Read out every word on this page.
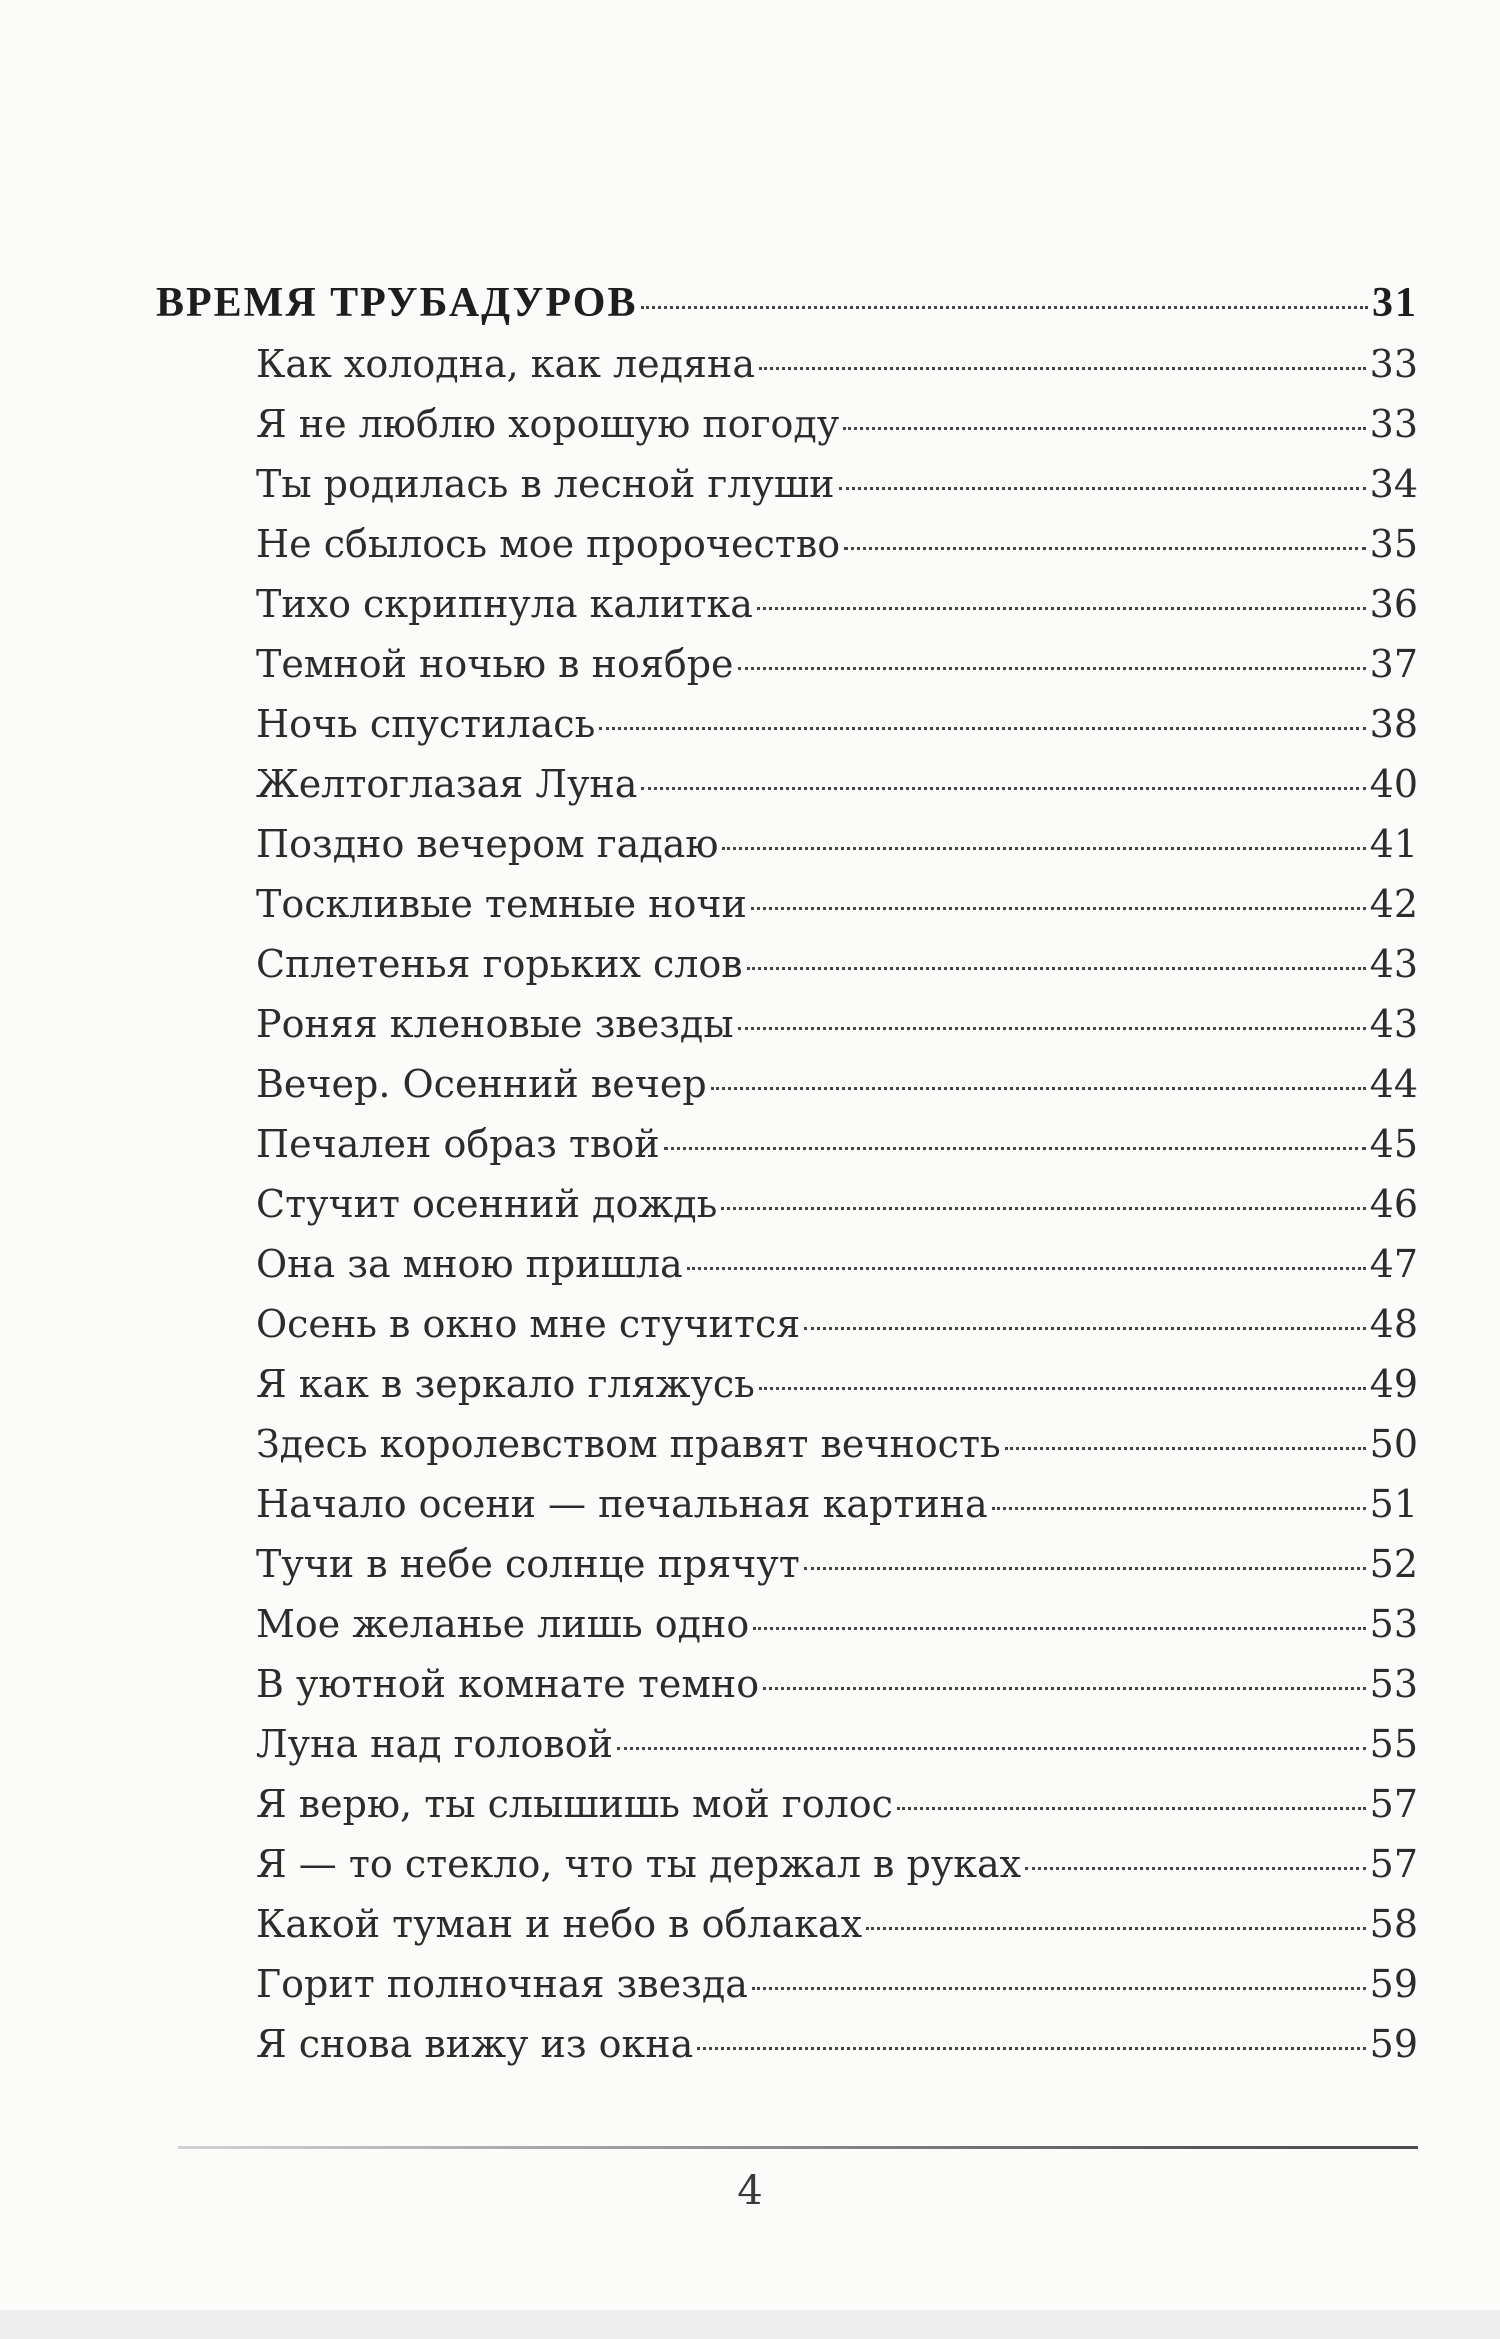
ВРЕМЯ ТРУБАДУРОВ	31
Как холодна, как ледяна	33
Я не люблю хорошую погоду	33
Ты родилась в лесной глуши	34
Не сбылось мое пророчество	35
Тихо скрипнула калитка	36
Темной ночью в ноябре	37
Ночь спустилась	38
Желтоглазая Луна	40
Поздно вечером гадаю	41
Тоскливые темные ночи	42
Сплетенья горьких слов	43
Роняя кленовые звезды	43
Вечер. Осенний вечер	44
Печален образ твой	45
Стучит осенний дождь	46
Она за мною пришла	47
Осень в окно мне стучится	48
Я как в зеркало гляжусь	49
Здесь королевством правят вечность	50
Начало осени — печальная картина	51
Тучи в небе солнце прячут	52
Мое желанье лишь одно	53
В уютной комнате темно	53
Луна над головой	55
Я верю, ты слышишь мой голос	57
Я — то стекло, что ты держал в руках	57
Какой туман и небо в облаках	58
Горит полночная звезда	59
Я снова вижу из окна	59
4
